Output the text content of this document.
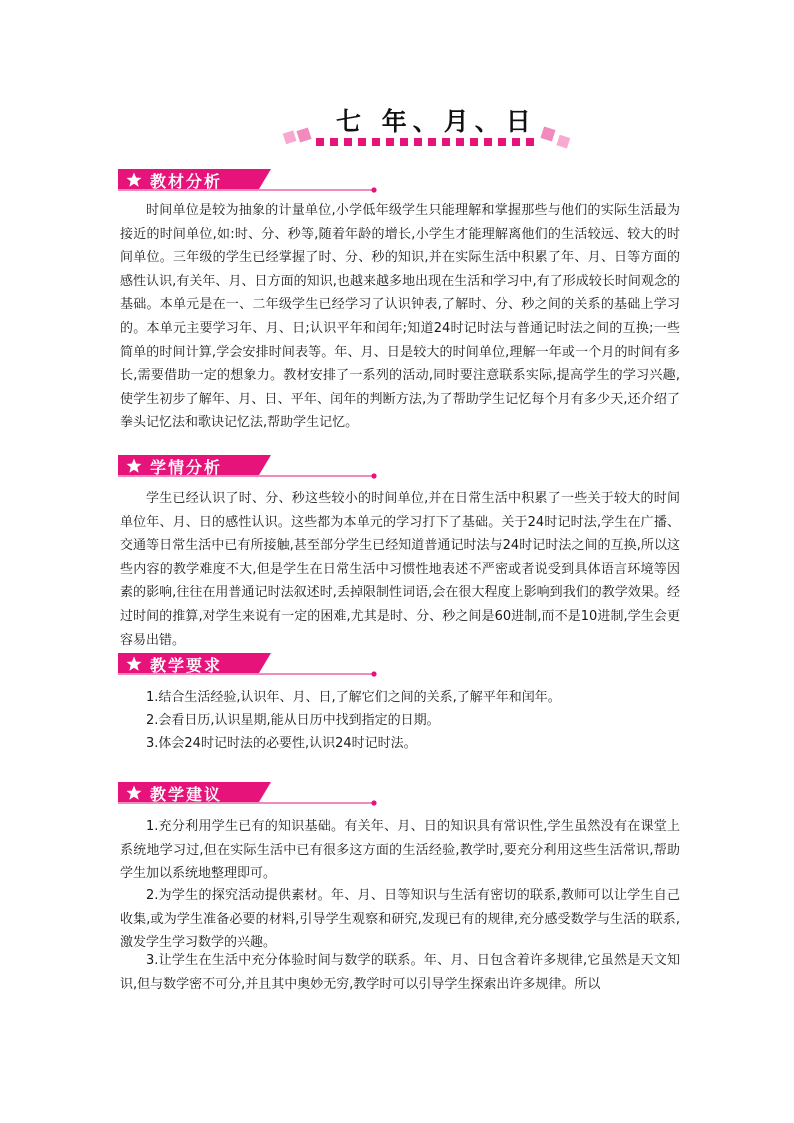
七 年、月、日
教材分析

时间单位是较为抽象的计量单位,小学低年级学生只能理解和掌握那些与他们的实际生活最为接近的时间单位,如:时、分、秒等,随着年龄的增长,小学生才能理解离他们的生活较远、较大的时间单位。三年级的学生已经掌握了时、分、秒的知识,并在实际生活中积累了年、月、日等方面的感性认识,有关年、月、日方面的知识,也越来越多地出现在生活和学习中,有了形成较长时间观念的基础。本单元是在一、二年级学生已经学习了认识钟表,了解时、分、秒之间的关系的基础上学习的。本单元主要学习年、月、日;认识平年和闰年;知道24时记时法与普通记时法之间的互换;一些简单的时间计算,学会安排时间表等。年、月、日是较大的时间单位,理解一年或一个月的时间有多长,需要借助一定的想象力。教材安排了一系列的活动,同时要注意联系实际,提高学生的学习兴趣,使学生初步了解年、月、日、平年、闰年的判断方法,为了帮助学生记忆每个月有多少天,还介绍了拳头记忆法和歌诀记忆法,帮助学生记忆。

学情分析

学生已经认识了时、分、秒这些较小的时间单位,并在日常生活中积累了一些关于较大的时间单位年、月、日的感性认识。这些都为本单元的学习打下了基础。关于24时记时法,学生在广播、交通等日常生活中已有所接触,甚至部分学生已经知道普通记时法与24时记时法之间的互换,所以这些内容的教学难度不大,但是学生在日常生活中习惯性地表述不严密或者说受到具体语言环境等因素的影响,往往在用普通记时法叙述时,丢掉限制性词语,会在很大程度上影响到我们的教学效果。经过时间的推算,对学生来说有一定的困难,尤其是时、分、秒之间是60进制,而不是10进制,学生会更容易出错。

教学要求
1.结合生活经验,认识年、月、日,了解它们之间的关系,了解平年和闰年。
2.会看日历,认识星期,能从日历中找到指定的日期。
3.体会24时记时法的必要性,认识24时记时法。
教学建议

1.充分利用学生已有的知识基础。有关年、月、日的知识具有常识性,学生虽然没有在课堂上系统地学习过,但在实际生活中已有很多这方面的生活经验,教学时,要充分利用这些生活常识,帮助学生加以系统地整理即可。

2.为学生的探究活动提供素材。年、月、日等知识与生活有密切的联系,教师可以让学生自己收集,或为学生准备必要的材料,引导学生观察和研究,发现已有的规律,充分感受数学与生活的联系,激发学生学习数学的兴趣。

3.让学生在生活中充分体验时间与数学的联系。年、月、日包含着许多规律,它虽然是天文知识,但与数学密不可分,并且其中奥妙无穷,教学时可以引导学生探索出许多规律。所以
